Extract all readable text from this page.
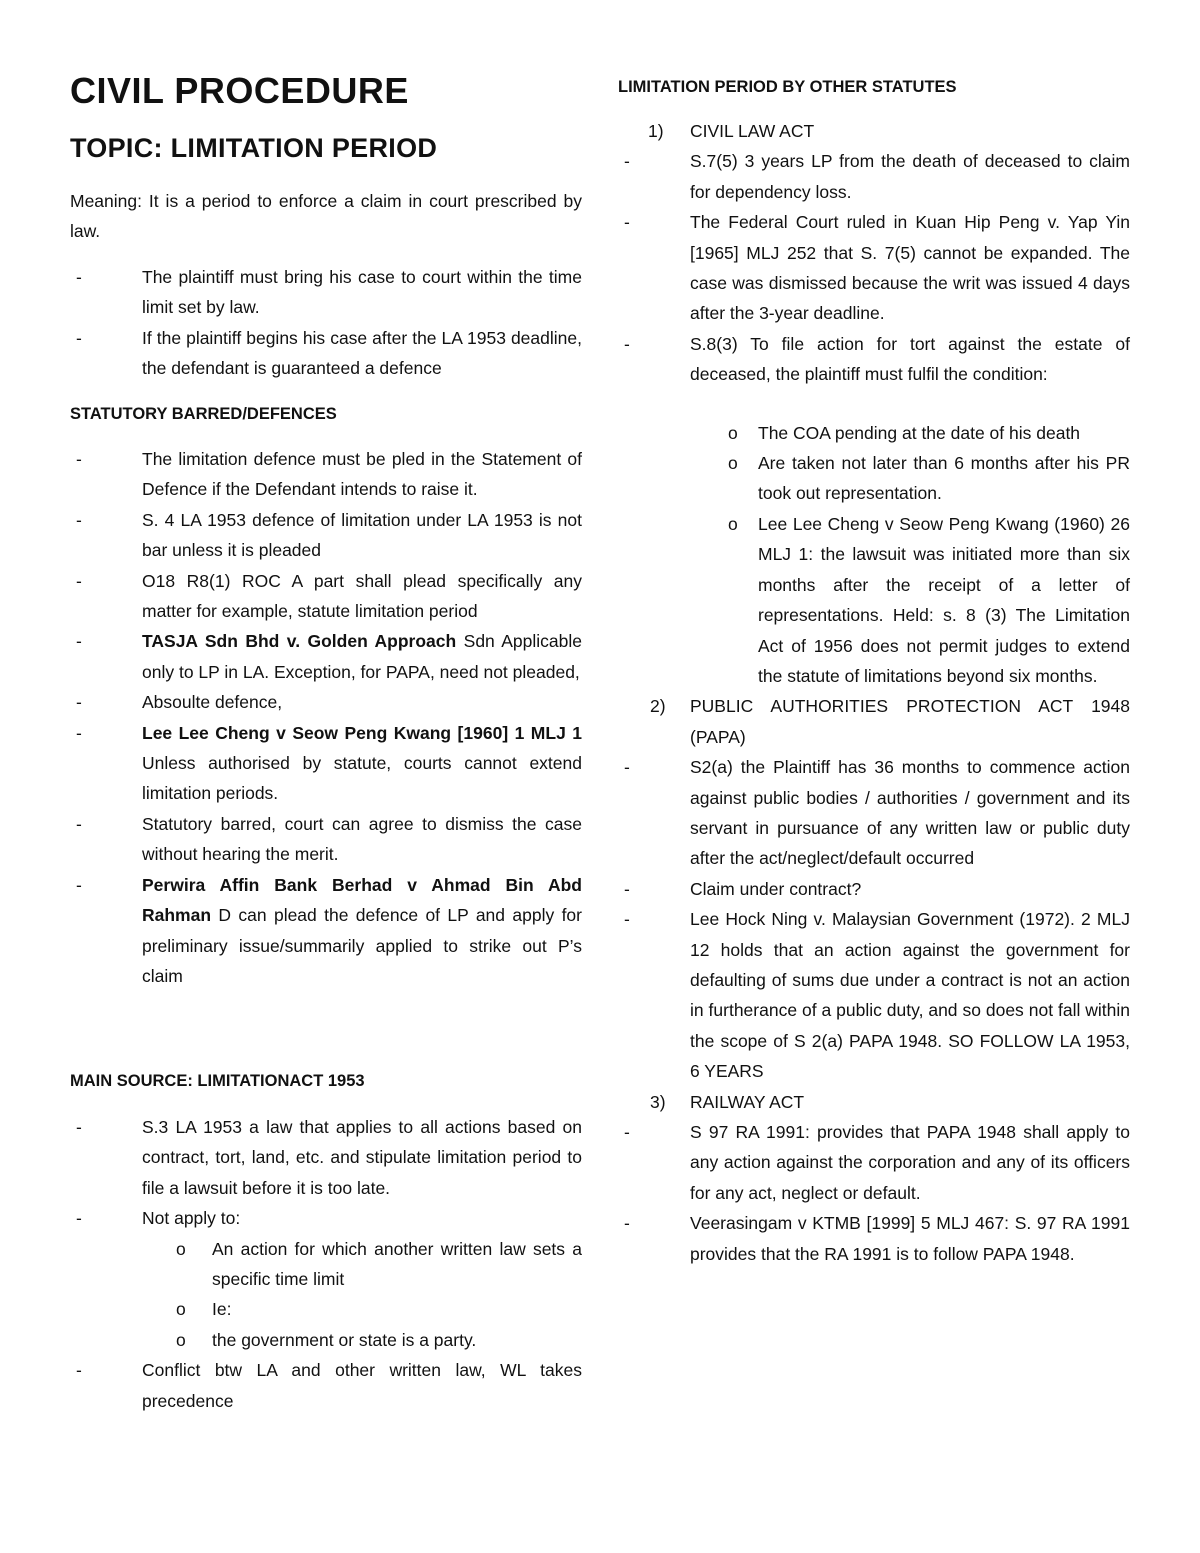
CIVIL PROCEDURE
TOPIC: LIMITATION PERIOD
Meaning: It is a period to enforce a claim in court prescribed by law.
-	The plaintiff must bring his case to court within the time limit set by law.
-	If the plaintiff begins his case after the LA 1953 deadline, the defendant is guaranteed a defence
STATUTORY BARRED/DEFENCES
-	The limitation defence must be pled in the Statement of Defence if the Defendant intends to raise it.
-	S. 4 LA 1953 defence of limitation under LA 1953 is not bar unless it is pleaded
-	O18 R8(1) ROC A part shall plead specifically any matter for example, statute limitation period
-	TASJA Sdn Bhd v. Golden Approach Sdn Applicable only to LP in LA. Exception, for PAPA, need not pleaded,
-	Absoulte defence,
-	Lee Lee Cheng v Seow Peng Kwang [1960] 1 MLJ 1 Unless authorised by statute, courts cannot extend limitation periods.
-	Statutory barred, court can agree to dismiss the case without hearing the merit.
-	Perwira Affin Bank Berhad v Ahmad Bin Abd Rahman D can plead the defence of LP and apply for preliminary issue/summarily applied to strike out P’s claim
MAIN SOURCE: LIMITATIONACT 1953
-	S.3 LA 1953 a law that applies to all actions based on contract, tort, land, etc. and stipulate limitation period to file a lawsuit before it is too late.
-	Not apply to:
o An action for which another written law sets a specific time limit
o Ie:
o the government or state is a party.
-	Conflict btw LA and other written law, WL takes precedence
LIMITATION PERIOD BY OTHER STATUTES
1)	CIVIL LAW ACT
-	S.7(5) 3 years LP from the death of deceased to claim for dependency loss.
-	The Federal Court ruled in Kuan Hip Peng v. Yap Yin [1965] MLJ 252 that S. 7(5) cannot be expanded. The case was dismissed because the writ was issued 4 days after the 3-year deadline.
-	S.8(3) To file action for tort against the estate of deceased, the plaintiff must fulfil the condition:
o The COA pending at the date of his death
o Are taken not later than 6 months after his PR took out representation.
o Lee Lee Cheng v Seow Peng Kwang (1960) 26 MLJ 1: the lawsuit was initiated more than six months after the receipt of a letter of representations. Held: s. 8 (3) The Limitation Act of 1956 does not permit judges to extend the statute of limitations beyond six months.
2)	PUBLIC AUTHORITIES PROTECTION ACT 1948 (PAPA)
-	S2(a) the Plaintiff has 36 months to commence action against public bodies / authorities / government and its servant in pursuance of any written law or public duty after the act/neglect/default occurred
-	Claim under contract?
-	Lee Hock Ning v. Malaysian Government (1972). 2 MLJ 12 holds that an action against the government for defaulting of sums due under a contract is not an action in furtherance of a public duty, and so does not fall within the scope of S 2(a) PAPA 1948. SO FOLLOW LA 1953, 6 YEARS
3)	RAILWAY ACT
-	S 97 RA 1991: provides that PAPA 1948 shall apply to any action against the corporation and any of its officers for any act, neglect or default.
-	Veerasingam v KTMB [1999] 5 MLJ 467: S. 97 RA 1991 provides that the RA 1991 is to follow PAPA 1948.
